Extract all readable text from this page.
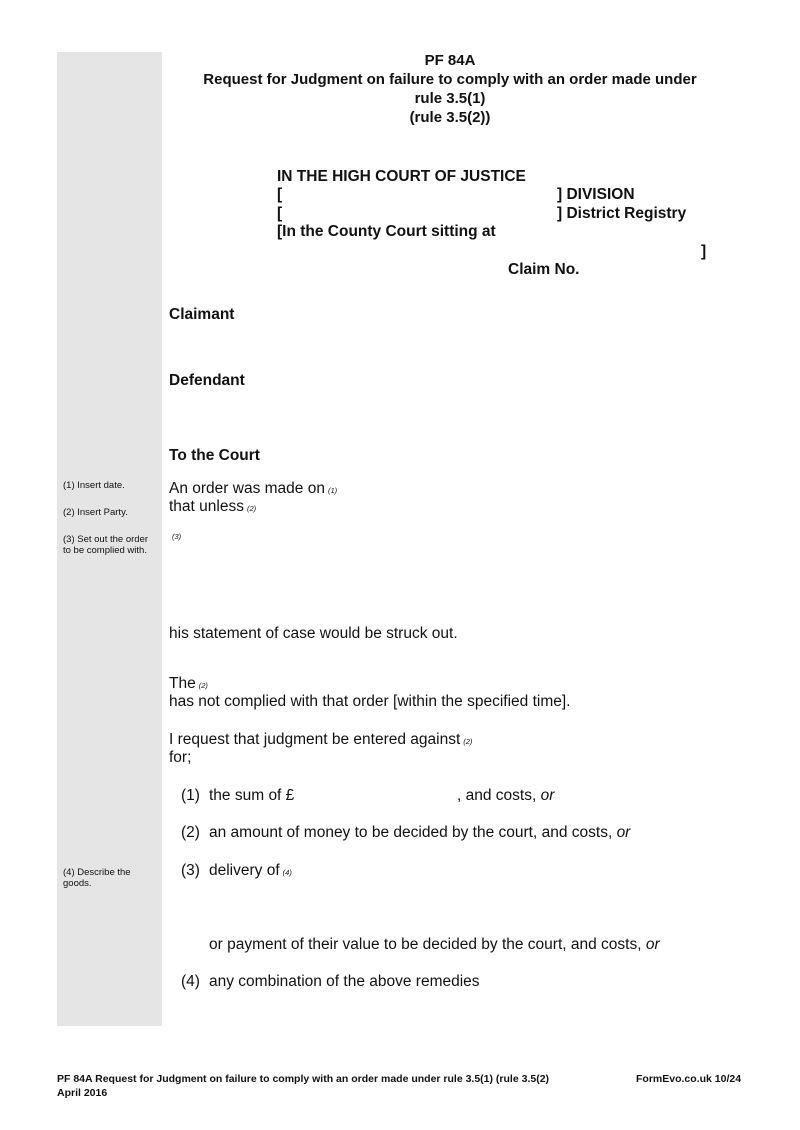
PF 84A
Request for Judgment on failure to comply with an order made under
rule 3.5(1)
(rule 3.5(2))
IN THE HIGH COURT OF JUSTICE
[	] DIVISION
[	] District Registry
[In the County Court sitting at
]
Claim No.
Claimant
Defendant
(1) Insert date.
(2) Insert Party.
(3) Set out the order to be complied with.
(4) Describe the goods.
To the Court
An order was made on (1)
that unless (2)
(3)
his statement of case would be struck out.
The (2)
has not complied with that order [within the specified time].
I request that judgment be entered against (2)
for;
(1) the sum of £	, and costs, or
(2) an amount of money to be decided by the court, and costs, or
(3) delivery of (4)
or payment of their value to be decided by the court, and costs, or
(4) any combination of the above remedies
PF 84A Request for Judgment on failure to comply with an order made under rule 3.5(1) (rule 3.5(2)
April 2016
FormEvo.co.uk 10/24
